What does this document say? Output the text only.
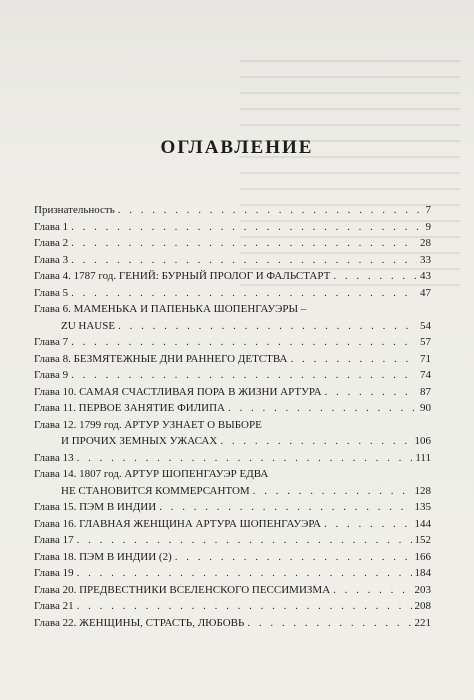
ОГЛАВЛЕНИЕ
Признательность . . .	7
Глава 1 . . .	9
Глава 2 . . .	28
Глава 3 . . .	33
Глава 4. 1787 год. ГЕНИЙ: БУРНЫЙ ПРОЛОГ И ФАЛЬСТАРТ . . .	43
Глава 5 . . .	47
Глава 6. МАМЕНЬКА И ПАПЕНЬКА ШОПЕНГАУЭРЫ –
ZU HAUSE . . .	54
Глава 7 . . .	57
Глава 8. БЕЗМЯТЕЖНЫЕ ДНИ РАННЕГО ДЕТСТВА . . .	71
Глава 9 . . .	74
Глава 10. САМАЯ СЧАСТЛИВАЯ ПОРА В ЖИЗНИ АРТУРА . . .	87
Глава 11. ПЕРВОЕ ЗАНЯТИЕ ФИЛИПА . . .	90
Глава 12. 1799 год. АРТУР УЗНАЕТ О ВЫБОРЕ
И ПРОЧИХ ЗЕМНЫХ УЖАСАХ . . .	106
Глава 13 . . .	111
Глава 14. 1807 год. АРТУР ШОПЕНГАУЭР ЕДВА
НЕ СТАНОВИТСЯ КОММЕРСАНТОМ . . .	128
Глава 15. ПЭМ В ИНДИИ . . .	135
Глава 16. ГЛАВНАЯ ЖЕНЩИНА АРТУРА ШОПЕНГАУЭРА . . .	144
Глава 17 . . .	152
Глава 18. ПЭМ В ИНДИИ (2) . . .	166
Глава 19 . . .	184
Глава 20. ПРЕДВЕСТНИКИ ВСЕЛЕНСКОГО ПЕССИМИЗМА . . .	203
Глава 21 . . .	208
Глава 22. ЖЕНЩИНЫ, СТРАСТЬ, ЛЮБОВЬ . . .	221
